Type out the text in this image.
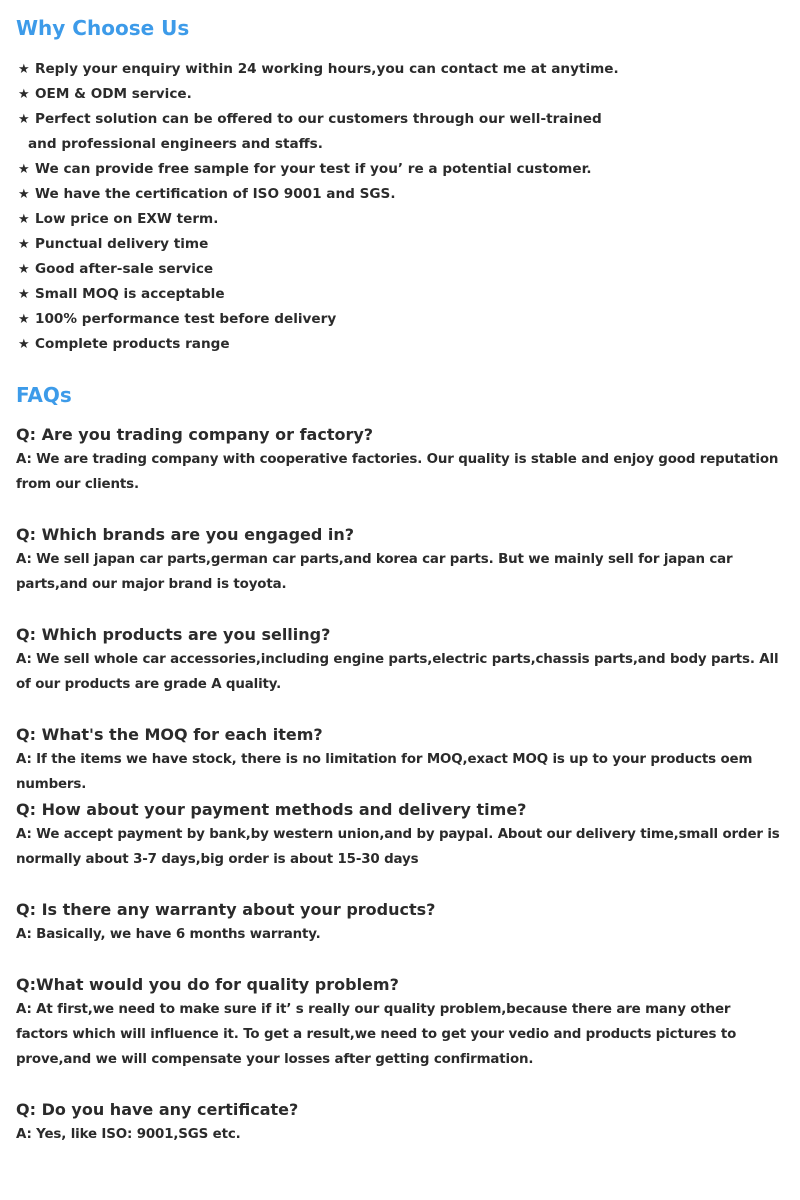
Why Choose Us
★ Reply your enquiry within 24 working hours,you can contact me at anytime.
★ OEM & ODM service.
★ Perfect solution can be offered to our customers through our well-trained
and professional engineers and staffs.
★ We can provide free sample for your test if you’ re a potential customer.
★ We have the certification of ISO 9001 and SGS.
★ Low price on EXW term.
★ Punctual delivery time
★ Good after-sale service
★ Small MOQ is acceptable
★ 100% performance test before delivery
★ Complete products range
FAQs

Q: Are you trading company or factory?

A: We are trading company with cooperative factories. Our quality is stable and enjoy good reputation from our clients.

Q: Which brands are you engaged in?

A: We sell japan car parts,german car parts,and korea car parts. But we mainly sell for japan car parts,and our major brand is toyota.

Q: Which products are you selling?

A: We sell whole car accessories,including engine parts,electric parts,chassis parts,and body parts. All of our products are grade A quality.

Q: What's the MOQ for each item?

A: If the items we have stock, there is no limitation for MOQ,exact MOQ is up to your products oem numbers.

Q: How about your payment methods and delivery time?

A: We accept payment by bank,by western union,and by paypal. About our delivery time,small order is normally about 3-7 days,big order is about 15-30 days

Q: Is there any warranty about your products?

A: Basically, we have 6 months warranty.

Q:What would you do for quality problem?

A: At first,we need to make sure if it’ s really our quality problem,because there are many other factors which will influence it. To get a result,we need to get your vedio and products pictures to prove,and we will compensate your losses after getting confirmation.

Q: Do you have any certificate?

A: Yes, like ISO: 9001,SGS etc.
